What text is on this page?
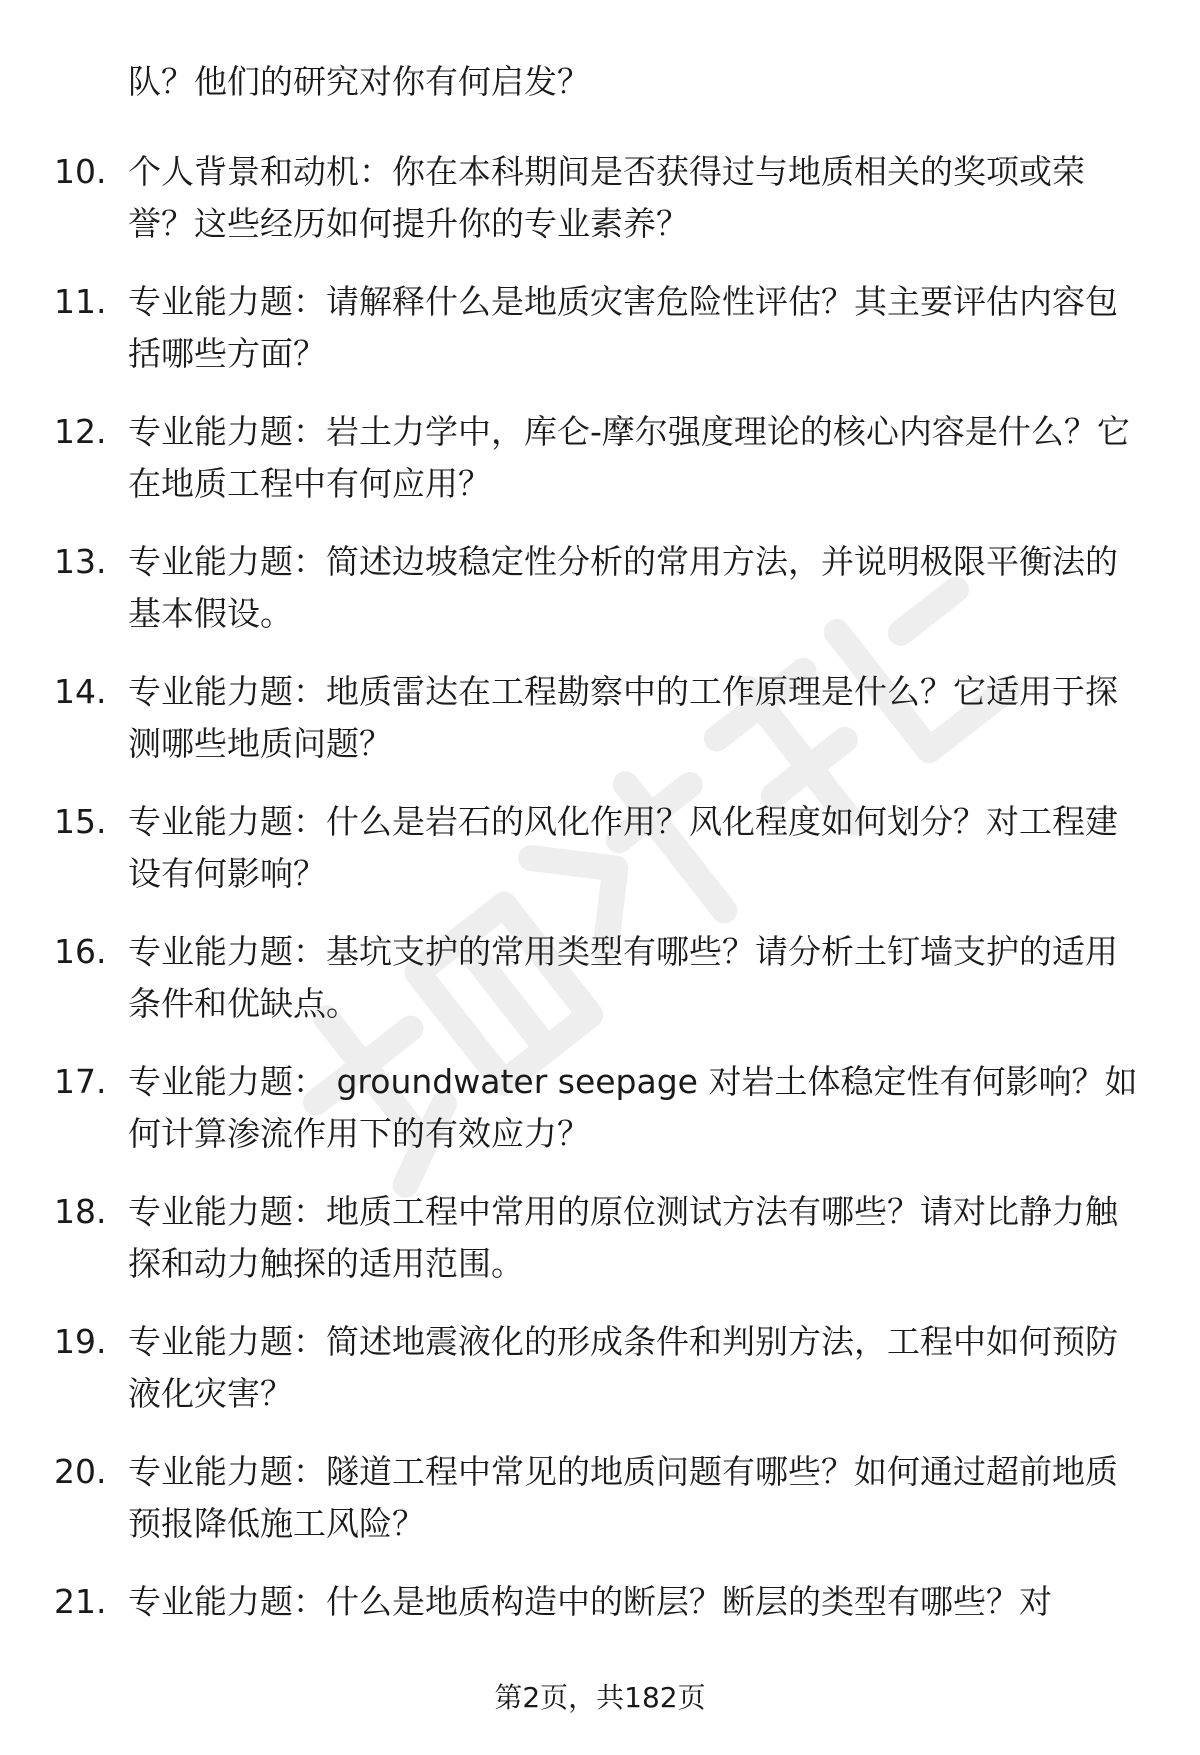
队？他们的研究对你有何启发？
10. 个人背景和动机：你在本科期间是否获得过与地质相关的奖项或荣誉？这些经历如何提升你的专业素养？
11. 专业能力题：请解释什么是地质灾害危险性评估？其主要评估内容包括哪些方面？
12. 专业能力题：岩土力学中，库仑-摩尔强度理论的核心内容是什么？它在地质工程中有何应用？
13. 专业能力题：简述边坡稳定性分析的常用方法，并说明极限平衡法的基本假设。
14. 专业能力题：地质雷达在工程勘察中的工作原理是什么？它适用于探测哪些地质问题？
15. 专业能力题：什么是岩石的风化作用？风化程度如何划分？对工程建设有何影响？
16. 专业能力题：基坑支护的常用类型有哪些？请分析土钉墙支护的适用条件和优缺点。
17. 专业能力题： groundwater seepage 对岩土体稳定性有何影响？如何计算渗流作用下的有效应力？
18. 专业能力题：地质工程中常用的原位测试方法有哪些？请对比静力触探和动力触探的适用范围。
19. 专业能力题：简述地震液化的形成条件和判别方法，工程中如何预防液化灾害？
20. 专业能力题：隧道工程中常见的地质问题有哪些？如何通过超前地质预报降低施工风险？
21. 专业能力题：什么是地质构造中的断层？断层的类型有哪些？对
第2页，共182页
